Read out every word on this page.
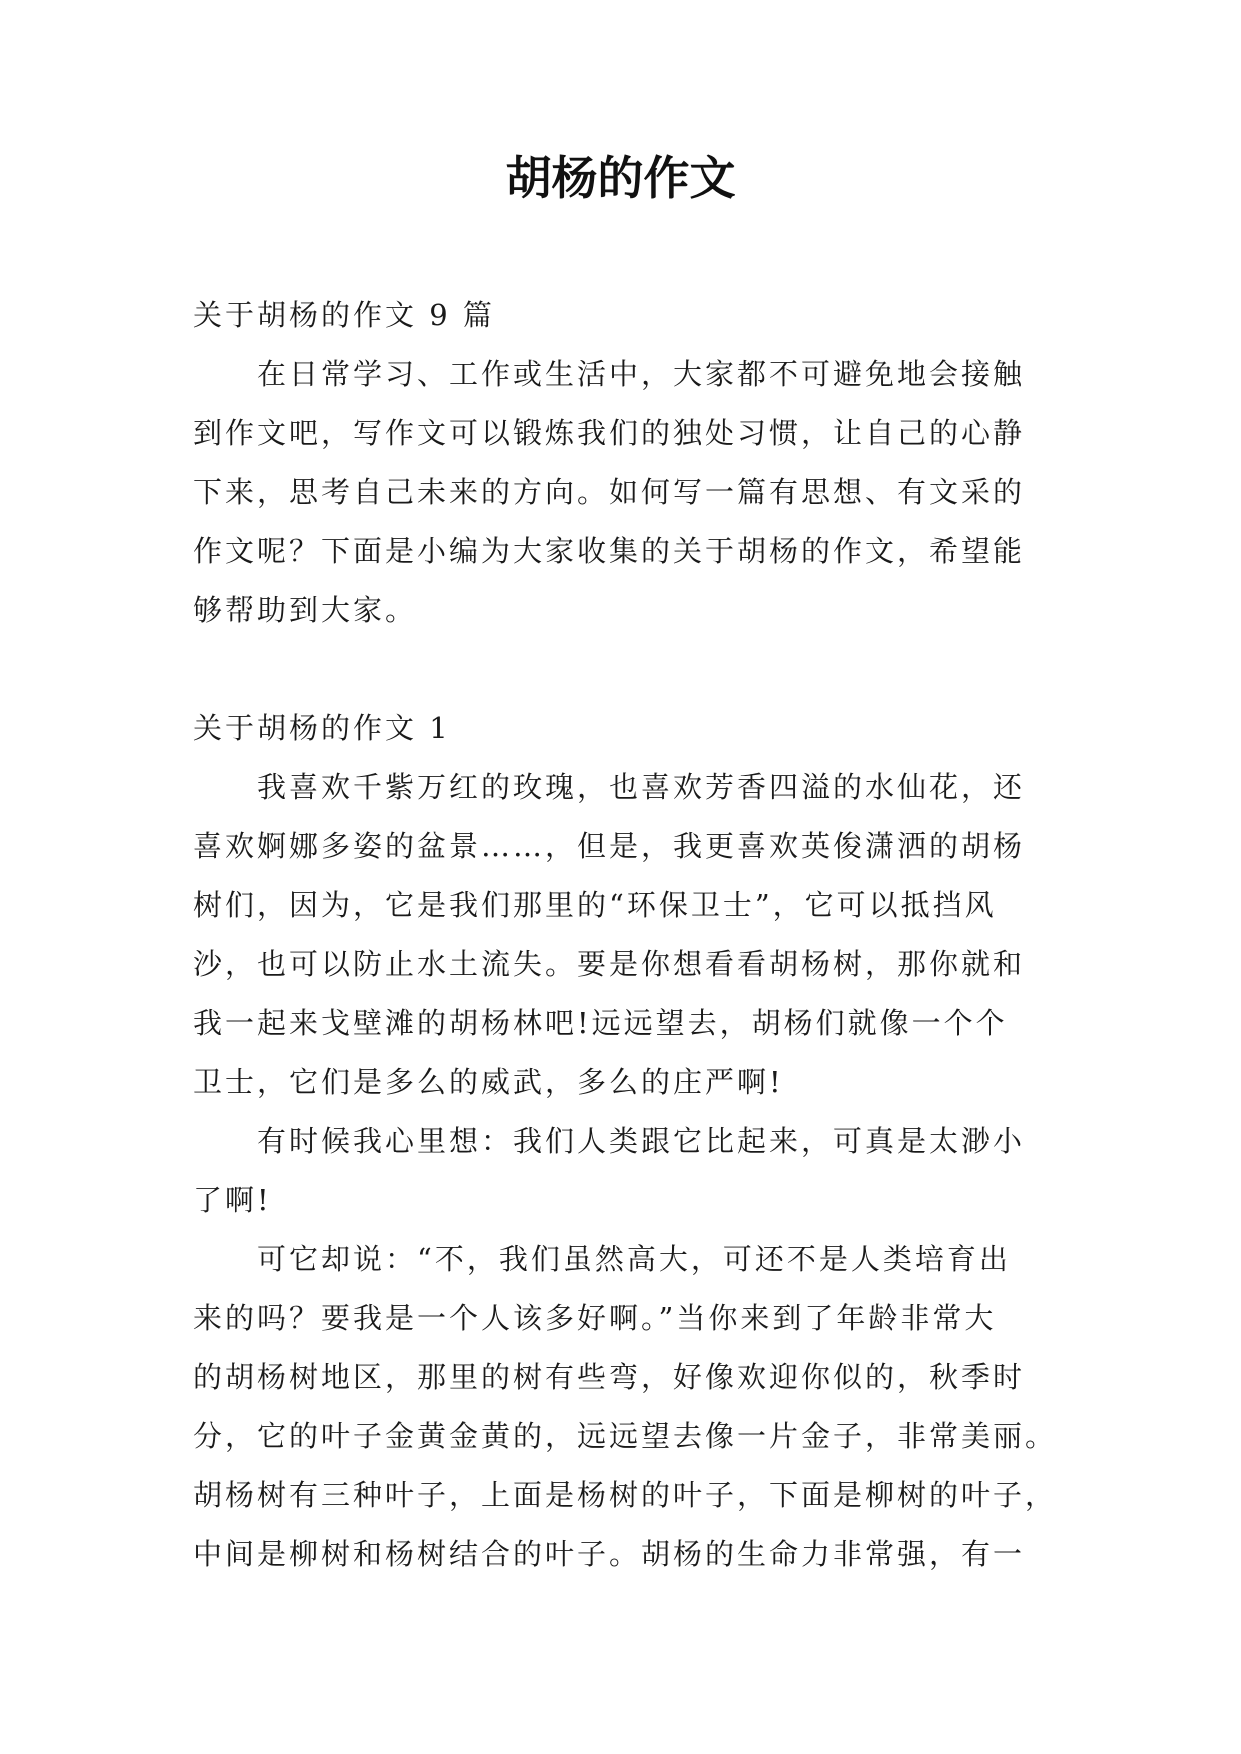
胡杨的作文

关于胡杨的作文 9 篇

在日常学习、工作或生活中，大家都不可避免地会接触
到作文吧，写作文可以锻炼我们的独处习惯，让自己的心静
下来，思考自己未来的方向。如何写一篇有思想、有文采的
作文呢？下面是小编为大家收集的关于胡杨的作文，希望能
够帮助到大家。

关于胡杨的作文 1

我喜欢千紫万红的玫瑰，也喜欢芳香四溢的水仙花，还
喜欢婀娜多姿的盆景……，但是，我更喜欢英俊潇洒的胡杨
树们，因为，它是我们那里的“环保卫士”，它可以抵挡风
沙，也可以防止水土流失。要是你想看看胡杨树，那你就和
我一起来戈壁滩的胡杨林吧!远远望去，胡杨们就像一个个
卫士，它们是多么的威武，多么的庄严啊!
有时候我心里想：我们人类跟它比起来，可真是太渺小
了啊!
可它却说：“不，我们虽然高大，可还不是人类培育出
来的吗？要我是一个人该多好啊。”当你来到了年龄非常大
的胡杨树地区，那里的树有些弯，好像欢迎你似的，秋季时
分，它的叶子金黄金黄的，远远望去像一片金子，非常美丽。
胡杨树有三种叶子，上面是杨树的叶子，下面是柳树的叶子，
中间是柳树和杨树结合的叶子。胡杨的生命力非常强，有一
